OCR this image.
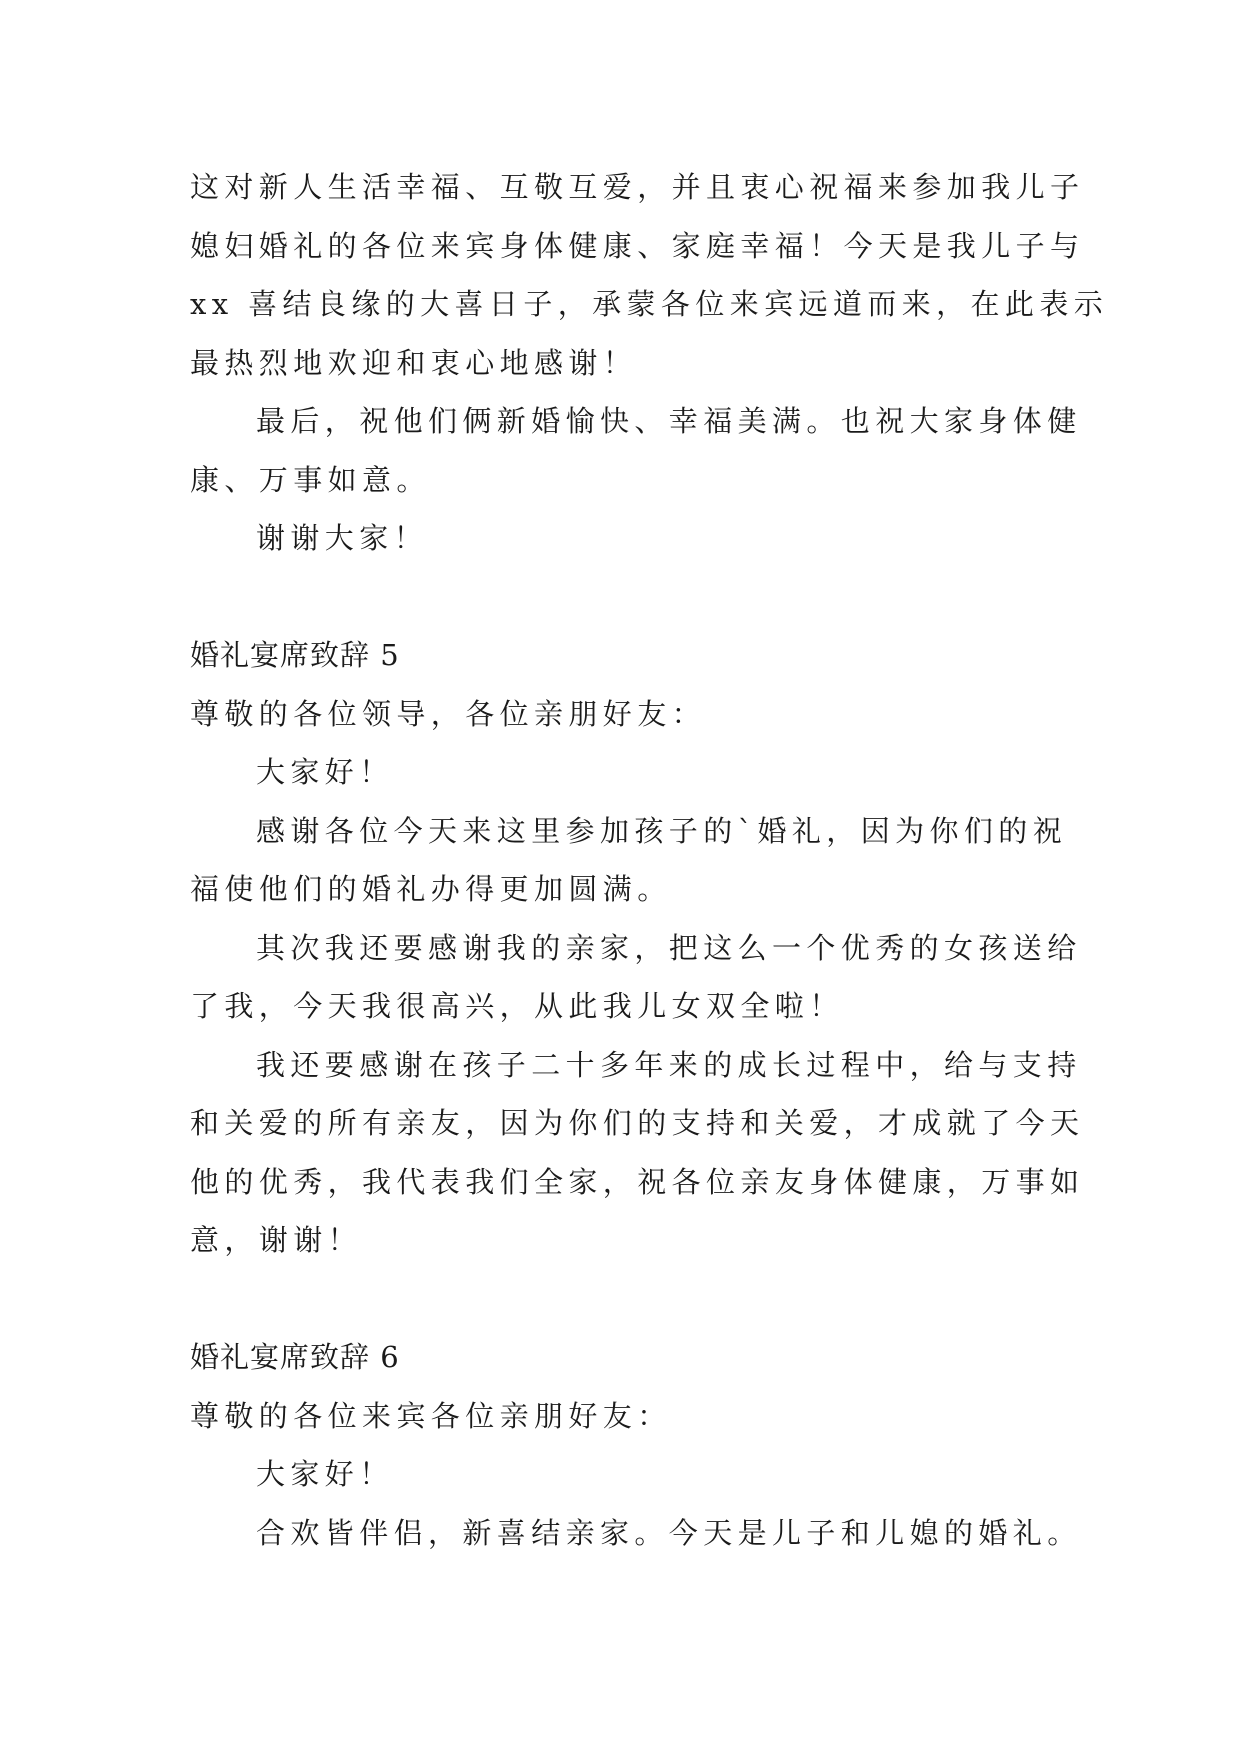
这对新人生活幸福、互敬互爱，并且衷心祝福来参加我儿子
媳妇婚礼的各位来宾身体健康、家庭幸福！今天是我儿子与
xx 喜结良缘的大喜日子，承蒙各位来宾远道而来，在此表示
最热烈地欢迎和衷心地感谢！
最后，祝他们俩新婚愉快、幸福美满。也祝大家身体健
康、万事如意。
谢谢大家！
婚礼宴席致辞 5
尊敬的各位领导，各位亲朋好友：
大家好！
感谢各位今天来这里参加孩子的`婚礼，因为你们的祝
福使他们的婚礼办得更加圆满。
其次我还要感谢我的亲家，把这么一个优秀的女孩送给
了我，今天我很高兴，从此我儿女双全啦！
我还要感谢在孩子二十多年来的成长过程中，给与支持
和关爱的所有亲友，因为你们的支持和关爱，才成就了今天
他的优秀，我代表我们全家，祝各位亲友身体健康，万事如
意，谢谢！
婚礼宴席致辞 6
尊敬的各位来宾各位亲朋好友：
大家好！
合欢皆伴侣，新喜结亲家。今天是儿子和儿媳的婚礼。
